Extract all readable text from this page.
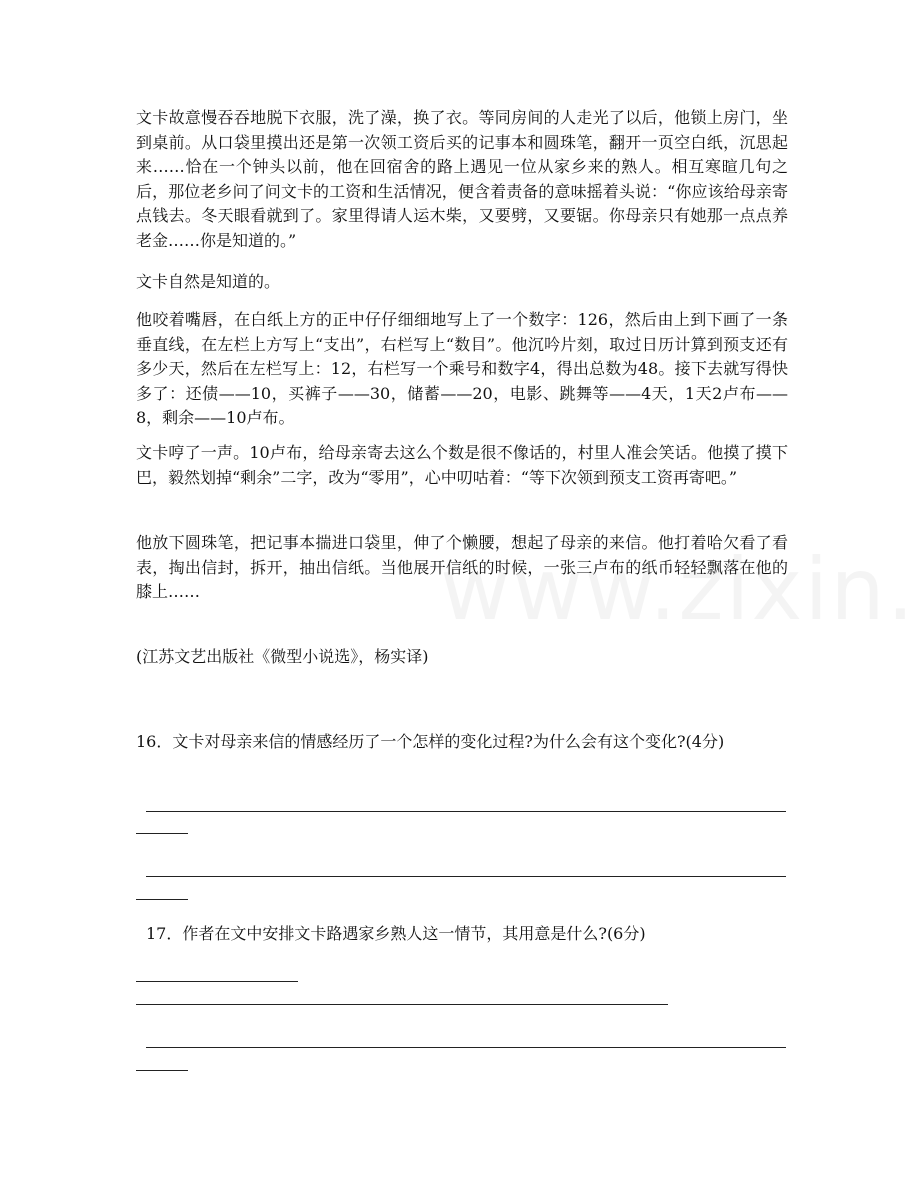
文卡故意慢吞吞地脱下衣服，洗了澡，换了衣。等同房间的人走光了以后，他锁上房门，坐到桌前。从口袋里摸出还是第一次领工资后买的记事本和圆珠笔，翻开一页空白纸，沉思起来……恰在一个钟头以前，他在回宿舍的路上遇见一位从家乡来的熟人。相互寒暄几句之后，那位老乡问了问文卡的工资和生活情况，便含着责备的意味摇着头说：“你应该给母亲寄点钱去。冬天眼看就到了。家里得请人运木柴，又要劈，又要锯。你母亲只有她那一点点养老金……你是知道的。”

文卡自然是知道的。

他咬着嘴唇，在白纸上方的正中仔仔细细地写上了一个数字：126，然后由上到下画了一条垂直线，在左栏上方写上“支出”，右栏写上“数目”。他沉吟片刻，取过日历计算到预支还有多少天，然后在左栏写上：12，右栏写一个乘号和数字4，得出总数为48。接下去就写得快多了：还债——10，买裤子——30，储蓄——20，电影、跳舞等——4天，1天2卢布——8，剩余——10卢布。

文卡哼了一声。10卢布，给母亲寄去这么个数是很不像话的，村里人准会笑话。他摸了摸下巴，毅然划掉“剩余”二字，改为“零用”，心中叨咕着：“等下次领到预支工资再寄吧。”

他放下圆珠笔，把记事本揣进口袋里，伸了个懒腰，想起了母亲的来信。他打着哈欠看了看表，掏出信封，拆开，抽出信纸。当他展开信纸的时候，一张三卢布的纸币轻轻飘落在他的膝上……

(江苏文艺出版社《微型小说选》，杨实译)

16．文卡对母亲来信的情感经历了一个怎样的变化过程?为什么会有这个变化?(4分)

17．作者在文中安排文卡路遇家乡熟人这一情节，其用意是什么?(6分)
